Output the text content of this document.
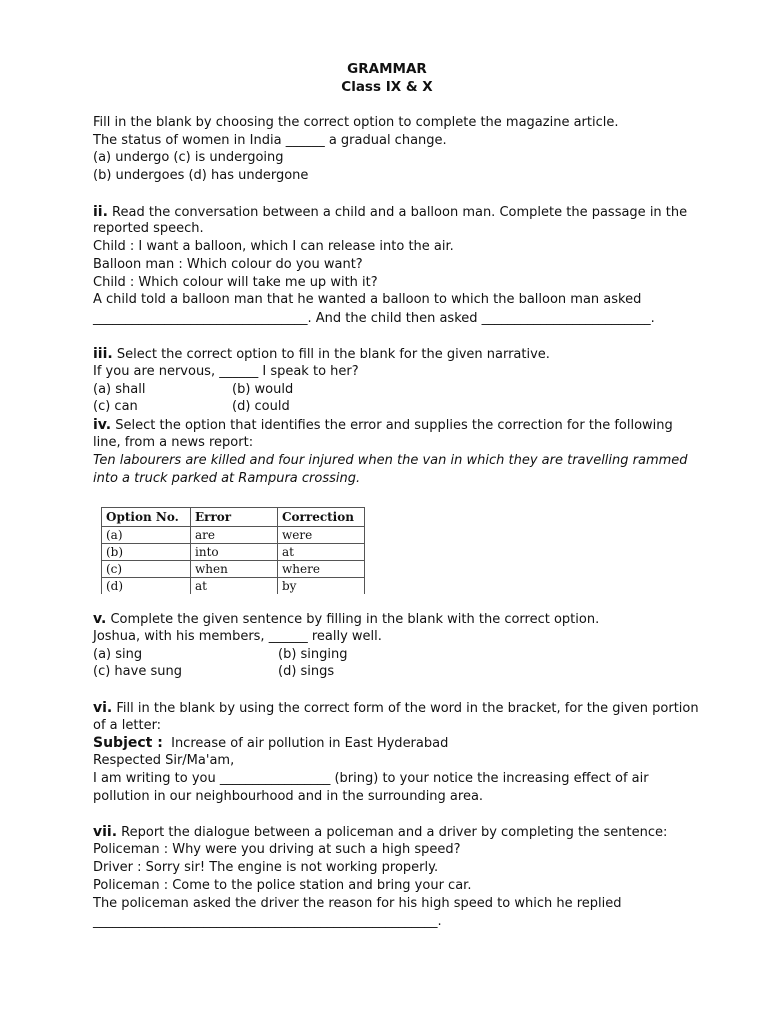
GRAMMAR
Class IX & X
Fill in the blank by choosing the correct option to complete the magazine article.
The status of women in India ______ a gradual change.
(a) undergo (c) is undergoing
(b) undergoes (d) has undergone
ii. Read the conversation between a child and a balloon man. Complete the passage in the
reported speech.
Child : I want a balloon, which I can release into the air.
Balloon man : Which colour do you want?
Child : Which colour will take me up with it?
A child told a balloon man that he wanted a balloon to which the balloon man asked
_________________________________. And the child then asked __________________________.
iii. Select the correct option to fill in the blank for the given narrative.
If you are nervous, ______ I speak to her?
(a) shall	(b) would
(c) can	(d) could
iv. Select the option that identifies the error and supplies the correction for the following
line, from a news report:
Ten labourers are killed and four injured when the van in which they are travelling rammed
into a truck parked at Rampura crossing.
Option No.	Error	Correction
(a)	are	were
(b)	into	at
(c)	when	where
(d)	at	by
v. Complete the given sentence by filling in the blank with the correct option.
Joshua, with his members, ______ really well.
(a) sing	(b) singing
(c) have sung	(d) sings
vi. Fill in the blank by using the correct form of the word in the bracket, for the given portion
of a letter:
Subject :  Increase of air pollution in East Hyderabad
Respected Sir/Ma'am,
I am writing to you _________________ (bring) to your notice the increasing effect of air
pollution in our neighbourhood and in the surrounding area.
vii. Report the dialogue between a policeman and a driver by completing the sentence:
Policeman : Why were you driving at such a high speed?
Driver : Sorry sir! The engine is not working properly.
Policeman : Come to the police station and bring your car.
The policeman asked the driver the reason for his high speed to which he replied
_____________________________________________________.
